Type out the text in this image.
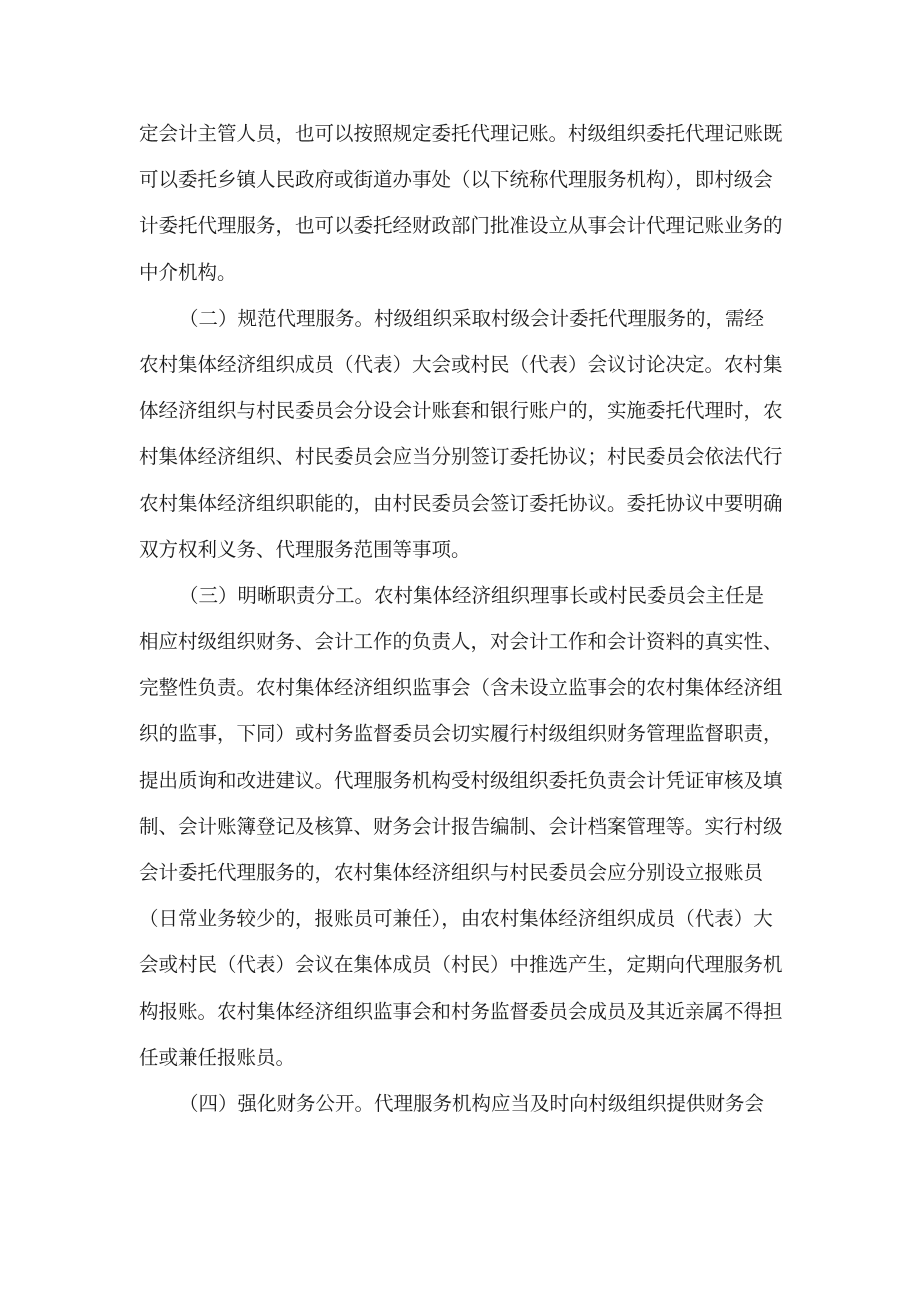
定会计主管人员，也可以按照规定委托代理记账。村级组织委托代理记账既
可以委托乡镇人民政府或街道办事处（以下统称代理服务机构），即村级会
计委托代理服务，也可以委托经财政部门批准设立从事会计代理记账业务的
中介机构。
（二）规范代理服务。村级组织采取村级会计委托代理服务的，需经
农村集体经济组织成员（代表）大会或村民（代表）会议讨论决定。农村集
体经济组织与村民委员会分设会计账套和银行账户的，实施委托代理时，农
村集体经济组织、村民委员会应当分别签订委托协议；村民委员会依法代行
农村集体经济组织职能的，由村民委员会签订委托协议。委托协议中要明确
双方权利义务、代理服务范围等事项。
（三）明晰职责分工。农村集体经济组织理事长或村民委员会主任是
相应村级组织财务、会计工作的负责人，对会计工作和会计资料的真实性、
完整性负责。农村集体经济组织监事会（含未设立监事会的农村集体经济组
织的监事，下同）或村务监督委员会切实履行村级组织财务管理监督职责，
提出质询和改进建议。代理服务机构受村级组织委托负责会计凭证审核及填
制、会计账簿登记及核算、财务会计报告编制、会计档案管理等。实行村级
会计委托代理服务的，农村集体经济组织与村民委员会应分别设立报账员
（日常业务较少的，报账员可兼任），由农村集体经济组织成员（代表）大
会或村民（代表）会议在集体成员（村民）中推选产生，定期向代理服务机
构报账。农村集体经济组织监事会和村务监督委员会成员及其近亲属不得担
任或兼任报账员。
（四）强化财务公开。代理服务机构应当及时向村级组织提供财务会
